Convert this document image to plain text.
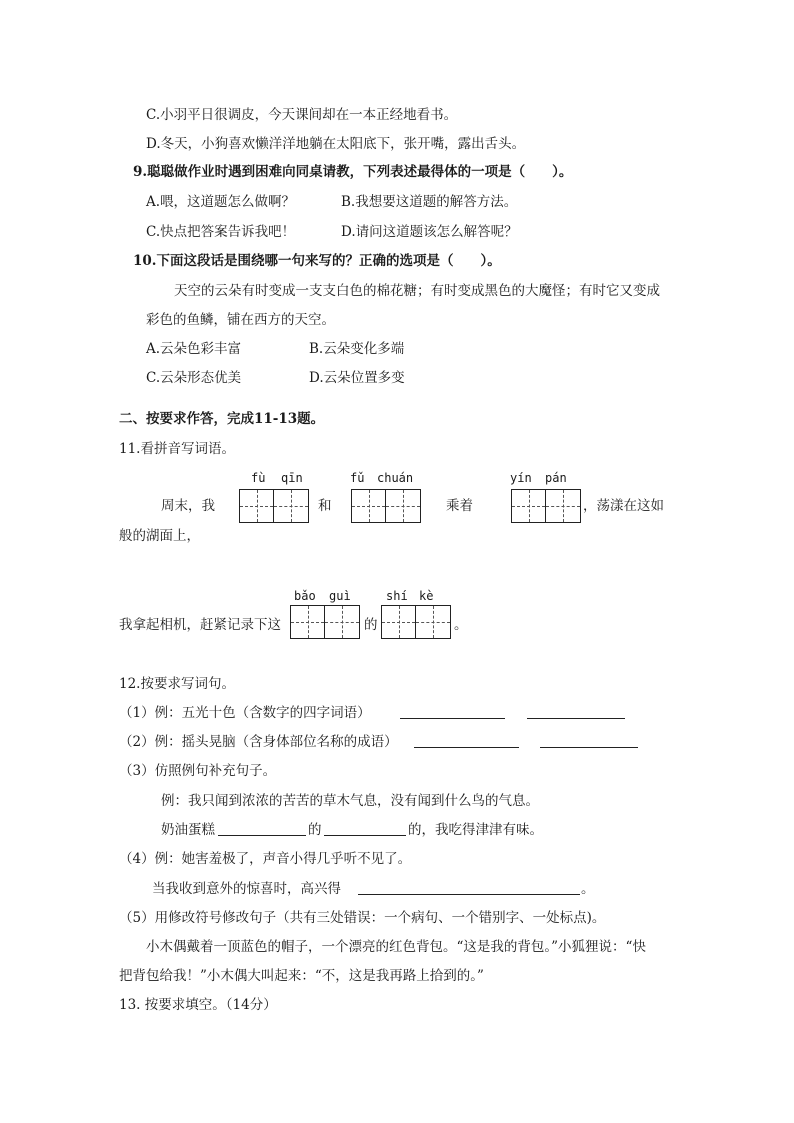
C.小羽平日很调皮，今天课间却在一本正经地看书。
D.冬天，小狗喜欢懒洋洋地躺在太阳底下，张开嘴，露出舌头。
9.聪聪做作业时遇到困难向同桌请教，下列表述最得体的一项是（　　）。
A.喂，这道题怎么做啊？	B.我想要这道题的解答方法。
C.快点把答案告诉我吧！	D.请问这道题该怎么解答呢？
10.下面这段话是围绕哪一句来写的？正确的选项是（　　）。
天空的云朵有时变成一支支白色的棉花糖；有时变成黑色的大魔怪；有时它又变成
彩色的鱼鳞，铺在西方的天空。
A.云朵色彩丰富	B.云朵变化多端
C.云朵形态优美	D.云朵位置多变
二、按要求作答，完成11-13题。
11.看拼音写词语。
fù qīn	fǔ chuán	yín pán
周末，我	和	乘着	，荡漾在这如
般的湖面上，
bǎo guì	shí kè
我拿起相机，赶紧记录下这	的	。
12.按要求写词句。
（1）例：五光十色（含数字的四字词语）
（2）例：摇头晃脑（含身体部位名称的成语）
（3）仿照例句补充句子。
例：我只闻到浓浓的苦苦的草木气息，没有闻到什么鸟的气息。
奶油蛋糕	的	的，我吃得津津有味。
（4）例：她害羞极了，声音小得几乎听不见了。
当我收到意外的惊喜时，高兴得	。
（5）用修改符号修改句子（共有三处错误：一个病句、一个错别字、一处标点)。
小木偶戴着一顶蓝色的帽子，一个漂亮的红色背包。“这是我的背包。”小狐狸说：“快
把背包给我！”小木偶大叫起来：“不，这是我再路上拾到的。”
13. 按要求填空。（14分）
